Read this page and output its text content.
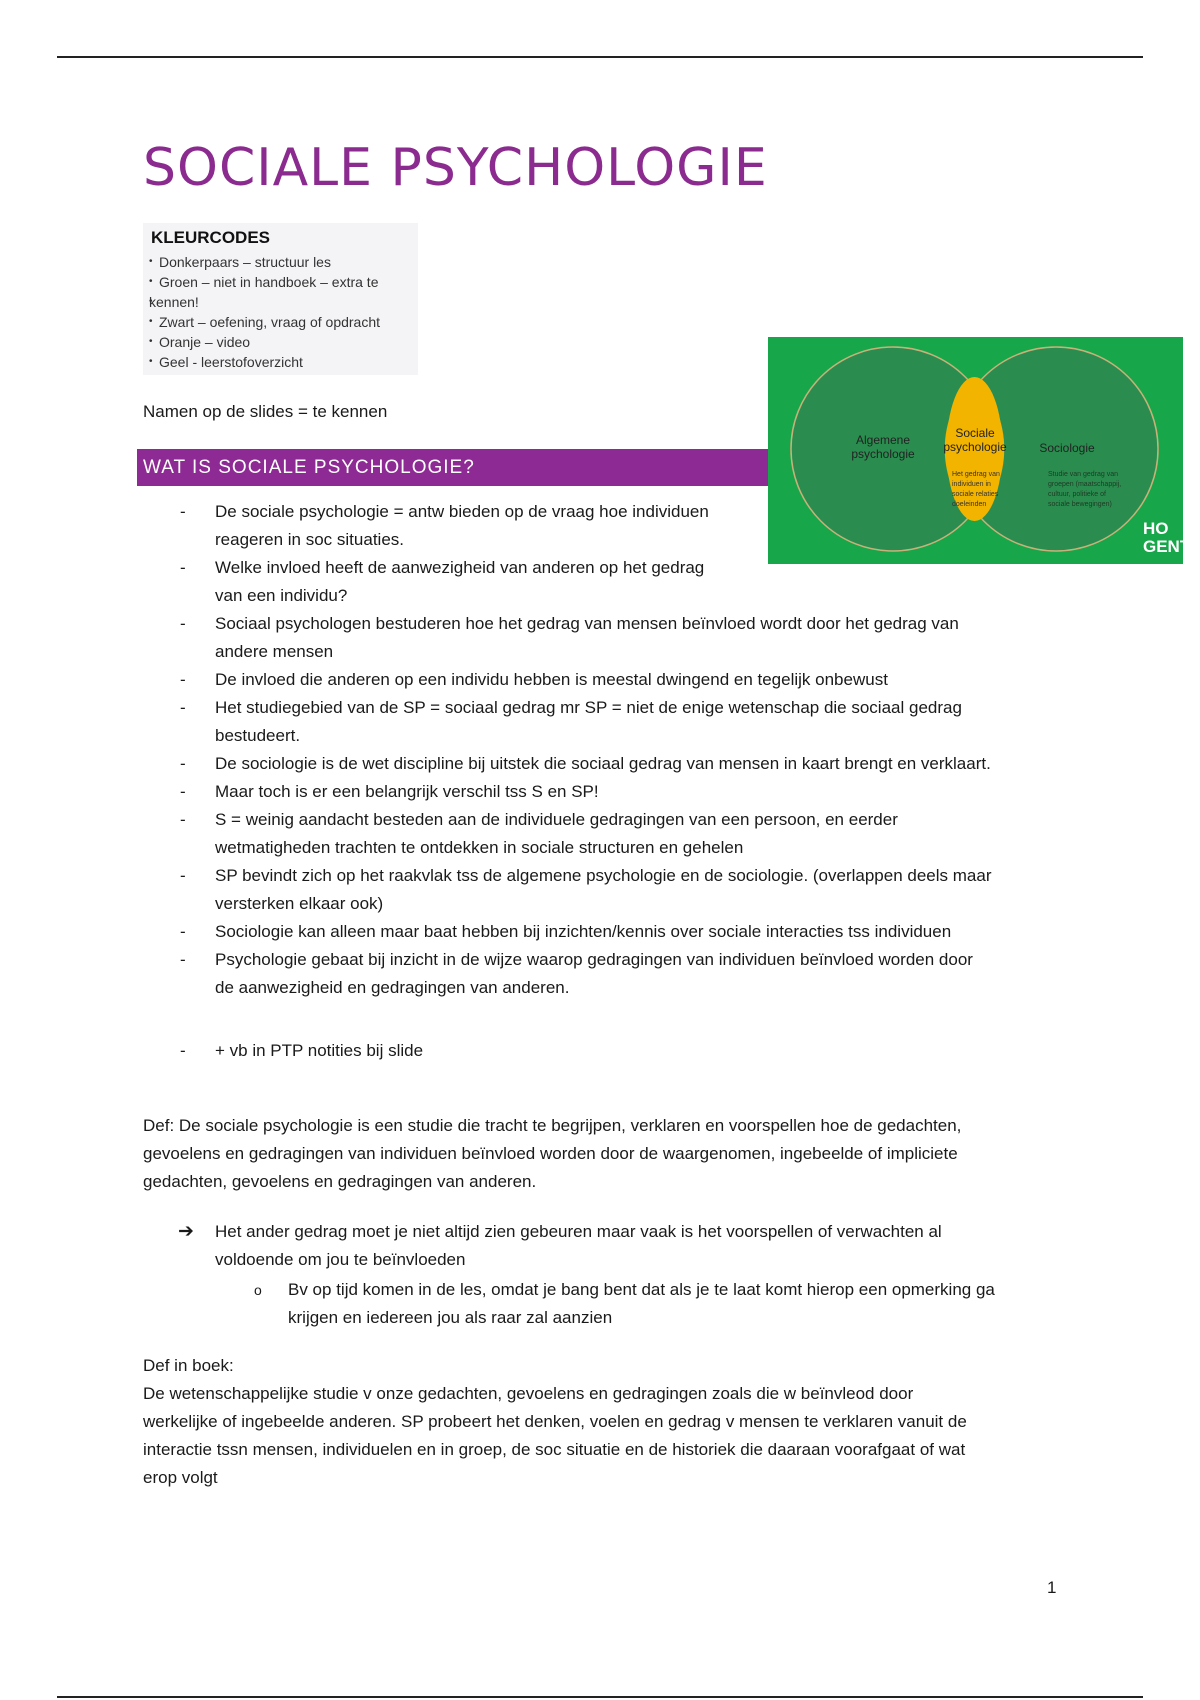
SOCIALE PSYCHOLOGIE
KLEURCODES
• Donkerpaars – structuur les
• Groen – niet in handboek – extra te
• kennen!
• Zwart – oefening, vraag of opdracht
• Oranje – video
• Geel - leerstofoverzicht

Namen op de slides = te kennen

WAT IS SOCIALE PSYCHOLOGIE?
Algemene
psychologie
Sociale
psychologie
Het gedrag van
individuen in
sociale relaties
doeleinden
Sociologie
Studie van gedrag van
groepen (maatschappij,
cultuur, politieke of
sociale bewegingen)
HO
GENT
- De sociale psychologie = antw bieden op de vraag hoe individuen
reageren in soc situaties.
- Welke invloed heeft de aanwezigheid van anderen op het gedrag
van een individu?
- Sociaal psychologen bestuderen hoe het gedrag van mensen beïnvloed wordt door het gedrag van
andere mensen
- De invloed die anderen op een individu hebben is meestal dwingend en tegelijk onbewust
- Het studiegebied van de SP = sociaal gedrag mr SP = niet de enige wetenschap die sociaal gedrag
bestudeert.
- De sociologie is de wet discipline bij uitstek die sociaal gedrag van mensen in kaart brengt en verklaart.
- Maar toch is er een belangrijk verschil tss S en SP!
- S = weinig aandacht besteden aan de individuele gedragingen van een persoon, en eerder
wetmatigheden trachten te ontdekken in sociale structuren en gehelen
- SP bevindt zich op het raakvlak tss de algemene psychologie en de sociologie. (overlappen deels maar
versterken elkaar ook)
- Sociologie kan alleen maar baat hebben bij inzichten/kennis over sociale interacties tss individuen
- Psychologie gebaat bij inzicht in de wijze waarop gedragingen van individuen beïnvloed worden door
de aanwezigheid en gedragingen van anderen.
- + vb in PTP notities bij slide

Def: De sociale psychologie is een studie die tracht te begrijpen, verklaren en voorspellen hoe de gedachten,

gevoelens en gedragingen van individuen beïnvloed worden door de waargenomen, ingebeelde of impliciete

gedachten, gevoelens en gedragingen van anderen.

➔ Het ander gedrag moet je niet altijd zien gebeuren maar vaak is het voorspellen of verwachten al
voldoende om jou te beïnvloeden
o Bv op tijd komen in de les, omdat je bang bent dat als je te laat komt hierop een opmerking ga

krijgen en iedereen jou als raar zal aanzien

Def in boek:

De wetenschappelijke studie v onze gedachten, gevoelens en gedragingen zoals die w beïnvleod door

werkelijke of ingebeelde anderen. SP probeert het denken, voelen en gedrag v mensen te verklaren vanuit de

interactie tssn mensen, individuelen en in groep, de soc situatie en de historiek die daaraan voorafgaat of wat

erop volgt

1
